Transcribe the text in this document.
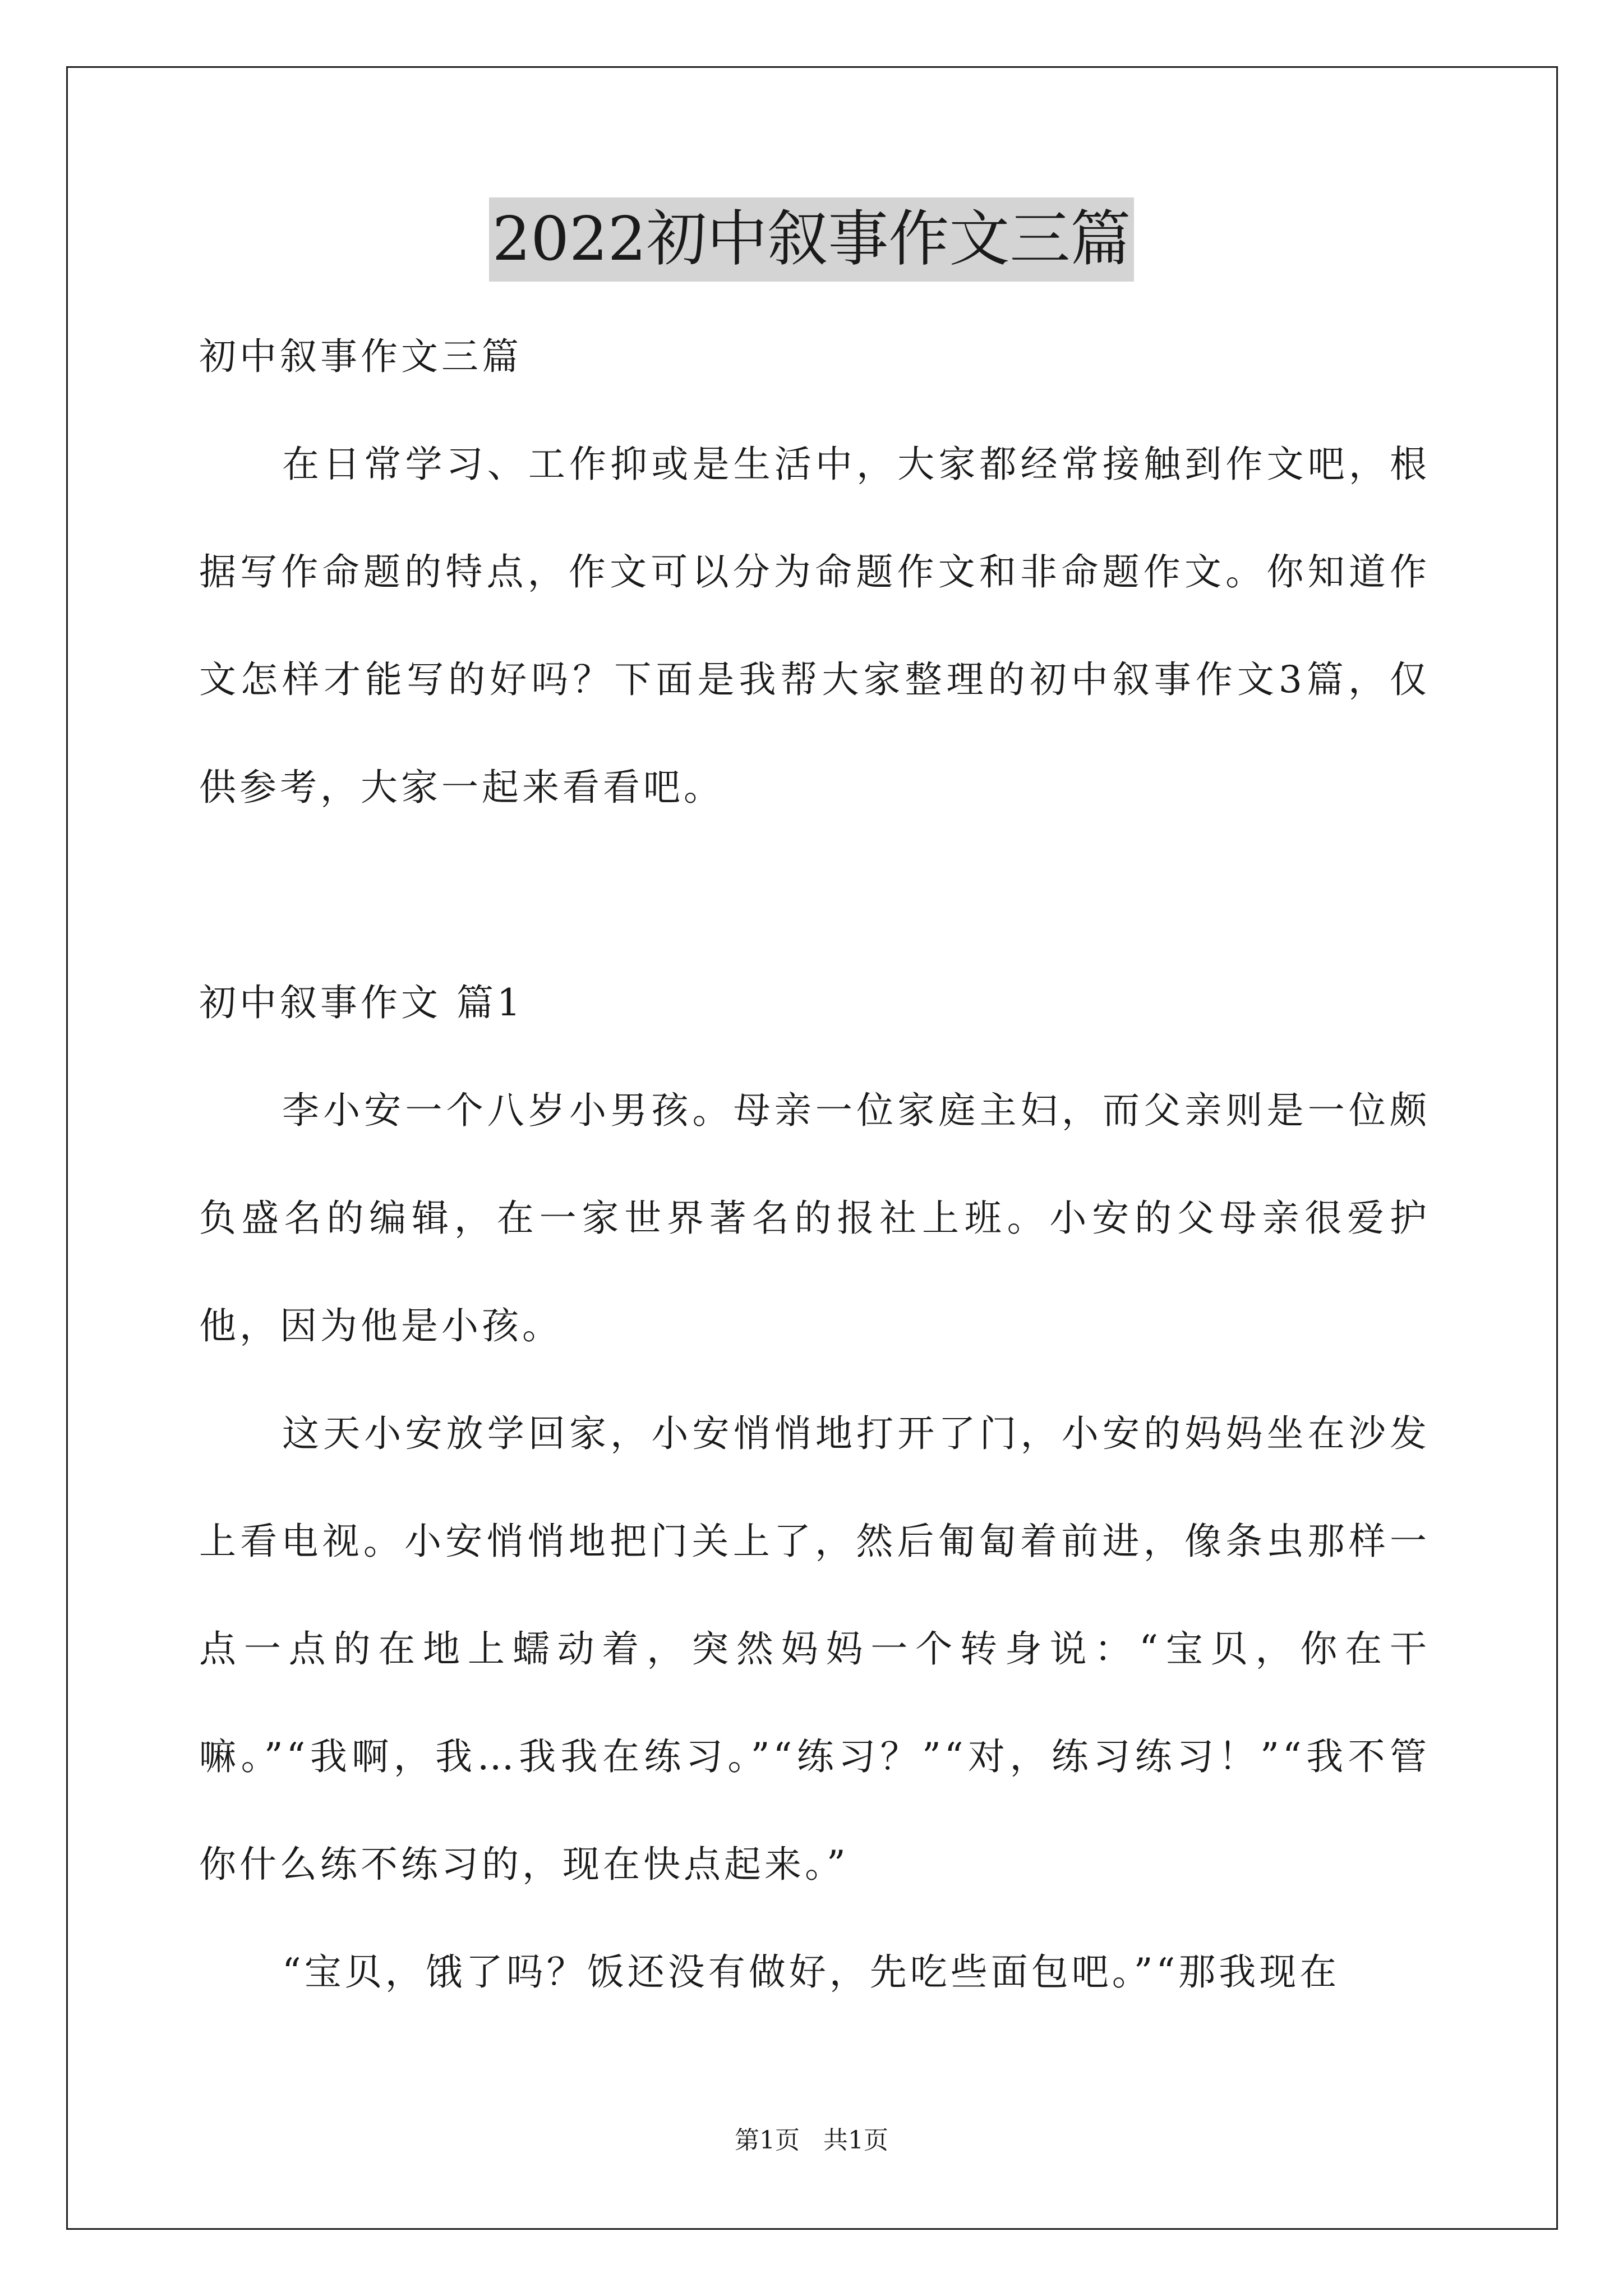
2022初中叙事作文三篇

初中叙事作文三篇

在日常学习、工作抑或是生活中，大家都经常接触到作文吧，根据写作命题的特点，作文可以分为命题作文和非命题作文。你知道作文怎样才能写的好吗？下面是我帮大家整理的初中叙事作文3篇，仅供参考，大家一起来看看吧。

初中叙事作文 篇1

李小安一个八岁小男孩。母亲一位家庭主妇，而父亲则是一位颇负盛名的编辑，在一家世界著名的报社上班。小安的父母亲很爱护他，因为他是小孩。

这天小安放学回家，小安悄悄地打开了门，小安的妈妈坐在沙发上看电视。小安悄悄地把门关上了，然后匍匐着前进，像条虫那样一点一点的在地上蠕动着，突然妈妈一个转身说：“宝贝，你在干嘛。”“我啊，我…我我在练习。”“练习？”“对，练习练习！”“我不管你什么练不练习的，现在快点起来。”

“宝贝，饿了吗？饭还没有做好，先吃些面包吧。”“那我现在

第1页 共1页
